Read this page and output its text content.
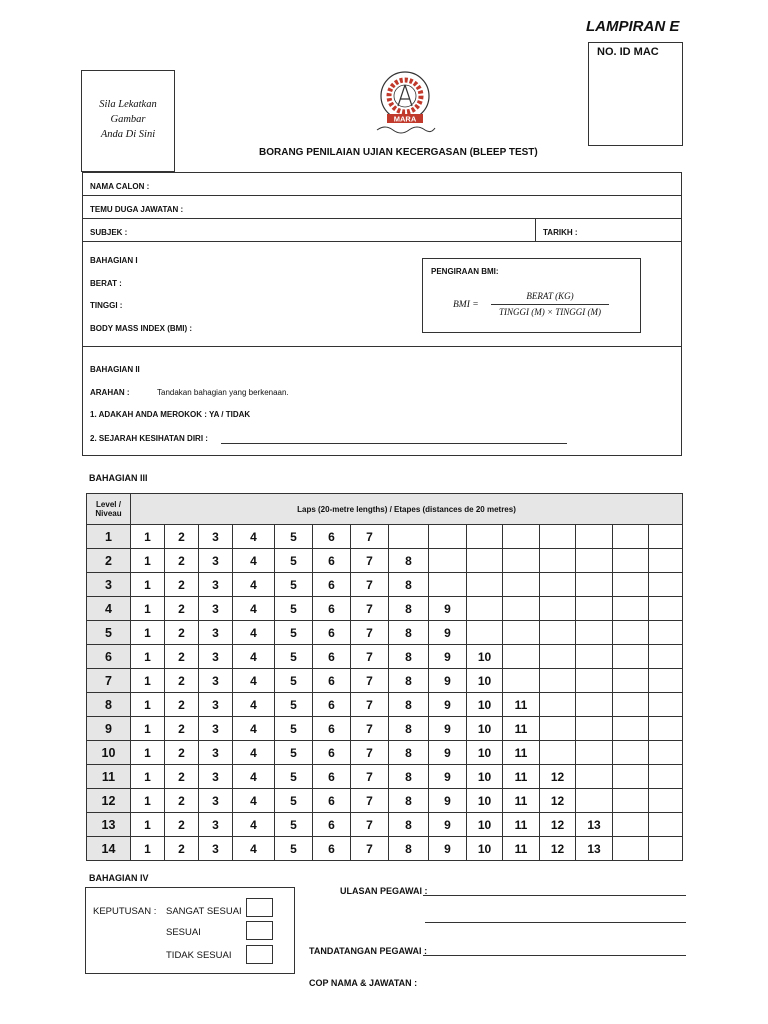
LAMPIRAN E
NO. ID MAC
Sila Lekatkan
Gambar
Anda Di Sini
MARA
BORANG PENILAIAN UJIAN KECERGASAN (BLEEP TEST)
NAMA CALON :
TEMU DUGA JAWATAN :
SUBJEK :	TARIKH :
BAHAGIAN I
BERAT :
TINGGI :
BODY MASS INDEX (BMI) :
PENGIRAAN BMI:
BMI =
BERAT (KG)
TINGGI (M) × TINGGI (M)
BAHAGIAN II
ARAHAN :	Tandakan bahagian yang berkenaan.
1. ADAKAH ANDA MEROKOK : YA / TIDAK
2. SEJARAH KESIHATAN DIRI :
BAHAGIAN III
Level / Niveau	Laps (20-metre lengths) / Etapes (distances de 20 metres)														
1	1	2	3	4	5	6	7								
2	1	2	3	4	5	6	7	8							
3	1	2	3	4	5	6	7	8							
4	1	2	3	4	5	6	7	8	9						
5	1	2	3	4	5	6	7	8	9						
6	1	2	3	4	5	6	7	8	9	10					
7	1	2	3	4	5	6	7	8	9	10					
8	1	2	3	4	5	6	7	8	9	10	11				
9	1	2	3	4	5	6	7	8	9	10	11				
10	1	2	3	4	5	6	7	8	9	10	11				
11	1	2	3	4	5	6	7	8	9	10	11	12			
12	1	2	3	4	5	6	7	8	9	10	11	12			
13	1	2	3	4	5	6	7	8	9	10	11	12	13		
14	1	2	3	4	5	6	7	8	9	10	11	12	13		
BAHAGIAN IV
KEPUTUSAN : SANGAT SESUAI
SESUAI
TIDAK SESUAI
ULASAN PEGAWAI :
TANDATANGAN PEGAWAI :
COP NAMA & JAWATAN :
